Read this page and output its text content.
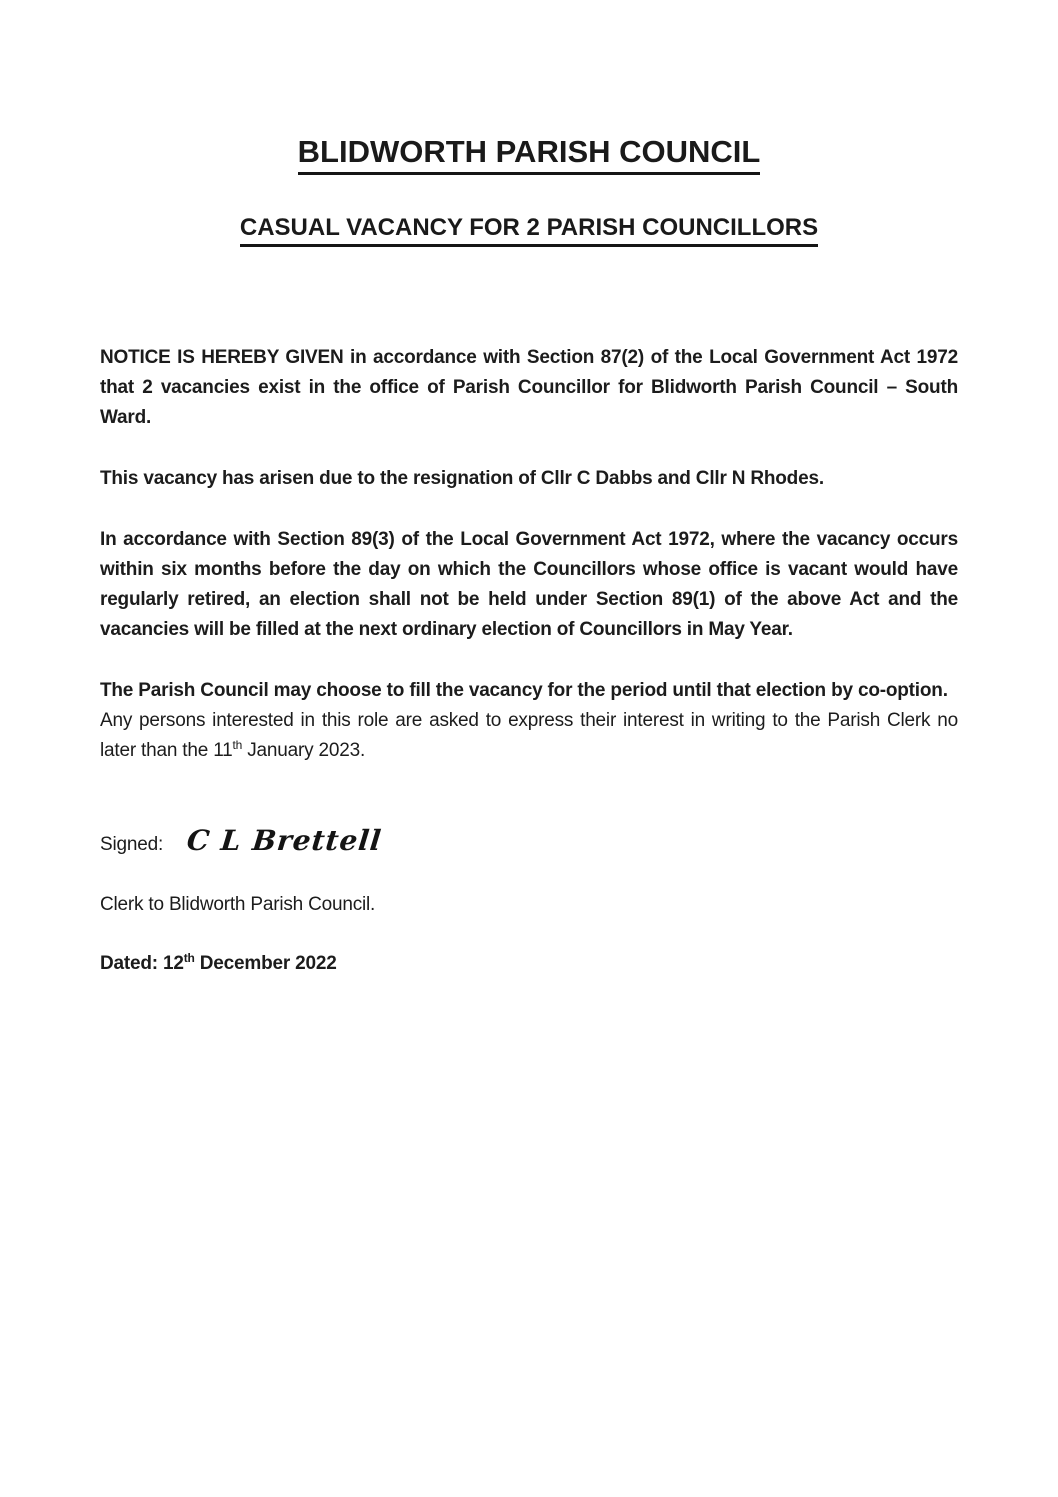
BLIDWORTH PARISH COUNCIL
CASUAL VACANCY FOR 2 PARISH COUNCILLORS

NOTICE IS HEREBY GIVEN in accordance with Section 87(2) of the Local Government Act 1972 that 2 vacancies exist in the office of Parish Councillor for Blidworth Parish Council – South Ward.

This vacancy has arisen due to the resignation of Cllr C Dabbs and Cllr N Rhodes.

In accordance with Section 89(3) of the Local Government Act 1972, where the vacancy occurs within six months before the day on which the Councillors whose office is vacant would have regularly retired, an election shall not be held under Section 89(1) of the above Act and the vacancies will be filled at the next ordinary election of Councillors in May Year.

The Parish Council may choose to fill the vacancy for the period until that election by co-option.   Any persons interested in this role are asked to express their interest in writing to the Parish Clerk no later than the 11th January 2023.

Signed: C L Brettell

Clerk to Blidworth Parish Council.

Dated: 12th December 2022
